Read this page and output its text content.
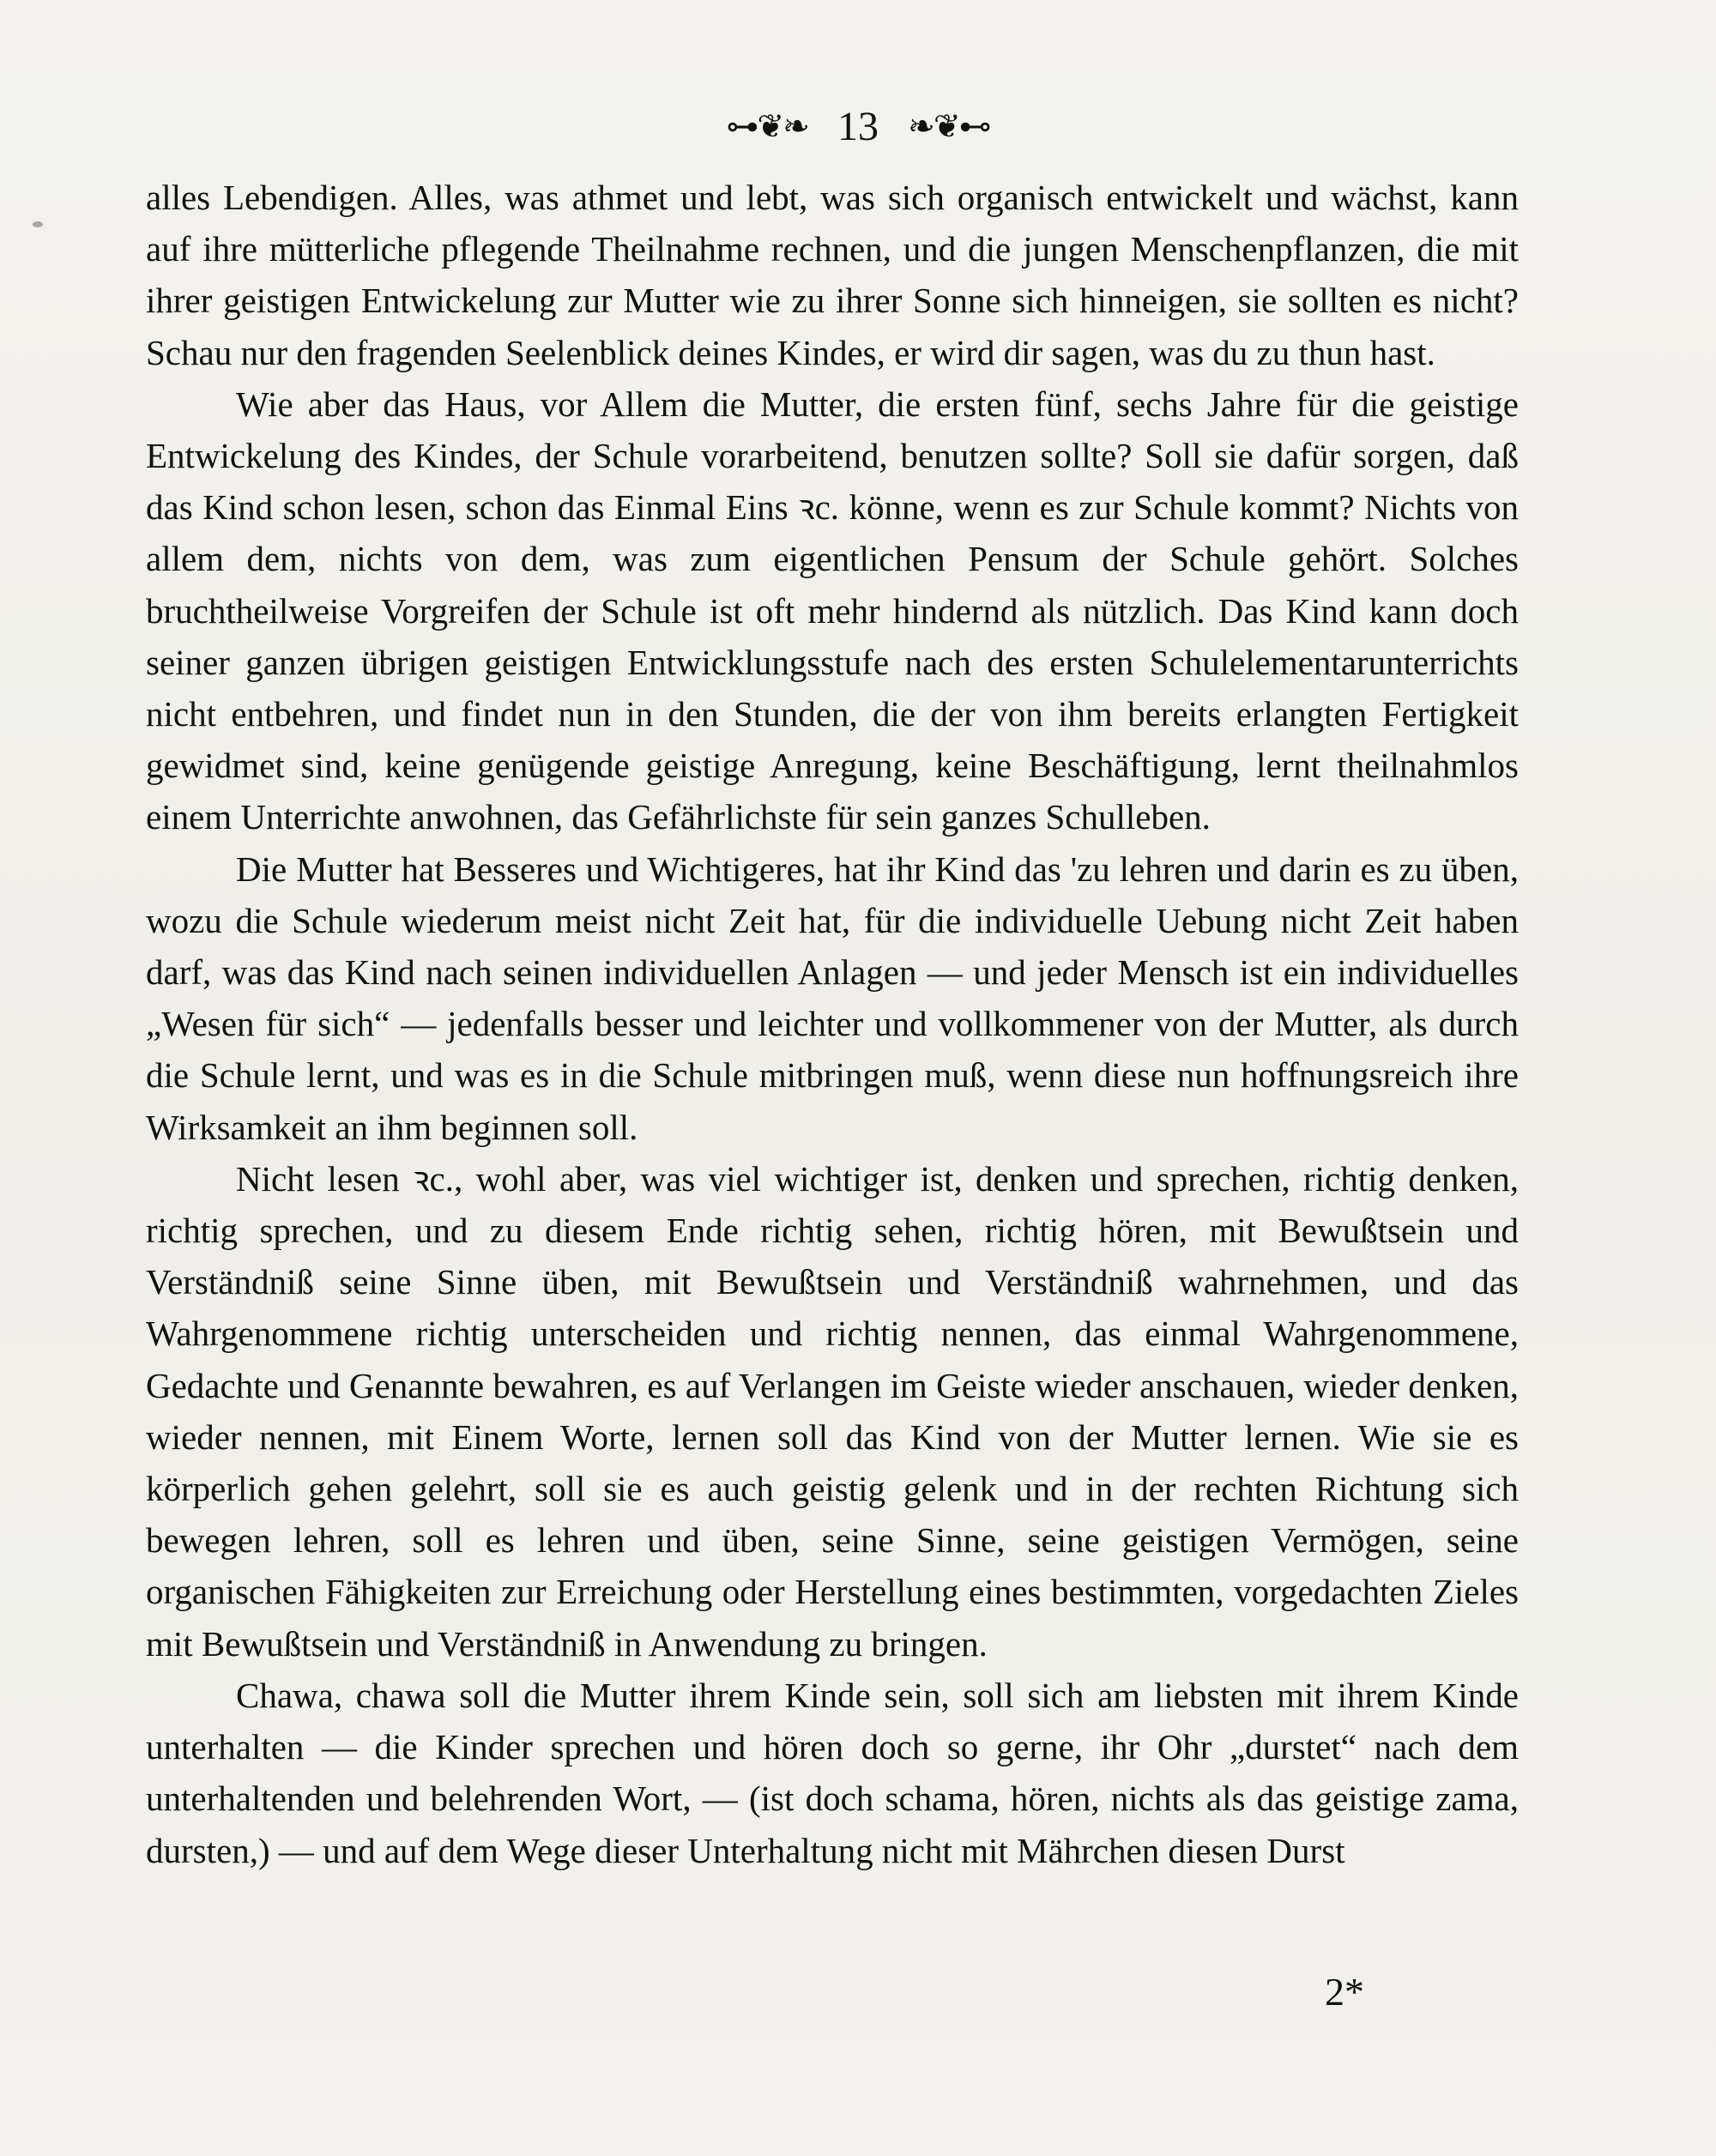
⊶❦❧ 13 ❧❦⊷

alles Lebendigen. Alles, was athmet und lebt, was sich organisch entwickelt und wächst, kann auf ihre mütterliche pflegende Theilnahme rechnen, und die jungen Menschenpflanzen, die mit ihrer geistigen Entwickelung zur Mutter wie zu ihrer Sonne sich hinneigen, sie sollten es nicht? Schau nur den fragenden Seelenblick deines Kindes, er wird dir sagen, was du zu thun hast.

Wie aber das Haus, vor Allem die Mutter, die ersten fünf, sechs Jahre für die geistige Entwickelung des Kindes, der Schule vorarbeitend, benutzen sollte? Soll sie dafür sorgen, daß das Kind schon lesen, schon das Einmal Eins ꝛc. könne, wenn es zur Schule kommt? Nichts von allem dem, nichts von dem, was zum eigentlichen Pensum der Schule gehört. Solches bruchtheilweise Vorgreifen der Schule ist oft mehr hindernd als nützlich. Das Kind kann doch seiner ganzen übrigen geistigen Entwicklungsstufe nach des ersten Schulelementarunterrichts nicht entbehren, und findet nun in den Stunden, die der von ihm bereits erlangten Fertigkeit gewidmet sind, keine genügende geistige Anregung, keine Beschäftigung, lernt theilnahmlos einem Unterrichte anwohnen, das Gefährlichste für sein ganzes Schulleben.

Die Mutter hat Besseres und Wichtigeres, hat ihr Kind das 'zu lehren und darin es zu üben, wozu die Schule wiederum meist nicht Zeit hat, für die individuelle Uebung nicht Zeit haben darf, was das Kind nach seinen individuellen Anlagen — und jeder Mensch ist ein individuelles „Wesen für sich“ — jedenfalls besser und leichter und vollkommener von der Mutter, als durch die Schule lernt, und was es in die Schule mitbringen muß, wenn diese nun hoffnungsreich ihre Wirksamkeit an ihm beginnen soll.

Nicht lesen ꝛc., wohl aber, was viel wichtiger ist, denken und sprechen, richtig denken, richtig sprechen, und zu diesem Ende richtig sehen, richtig hören, mit Bewußtsein und Verständniß seine Sinne üben, mit Bewußtsein und Verständniß wahrnehmen, und das Wahrgenommene richtig unterscheiden und richtig nennen, das einmal Wahrgenommene, Gedachte und Genannte bewahren, es auf Verlangen im Geiste wieder anschauen, wieder denken, wieder nennen, mit Einem Worte, lernen soll das Kind von der Mutter lernen. Wie sie es körperlich gehen gelehrt, soll sie es auch geistig gelenk und in der rechten Richtung sich bewegen lehren, soll es lehren und üben, seine Sinne, seine geistigen Vermögen, seine organischen Fähigkeiten zur Erreichung oder Herstellung eines bestimmten, vorgedachten Zieles mit Bewußtsein und Verständniß in Anwendung zu bringen.

Chawa, chawa soll die Mutter ihrem Kinde sein, soll sich am liebsten mit ihrem Kinde unterhalten — die Kinder sprechen und hören doch so gerne, ihr Ohr „durstet“ nach dem unterhaltenden und belehrenden Wort, — (ist doch schama, hören, nichts als das geistige zama, dursten,) — und auf dem Wege dieser Unterhaltung nicht mit Mährchen diesen Durst

2*
